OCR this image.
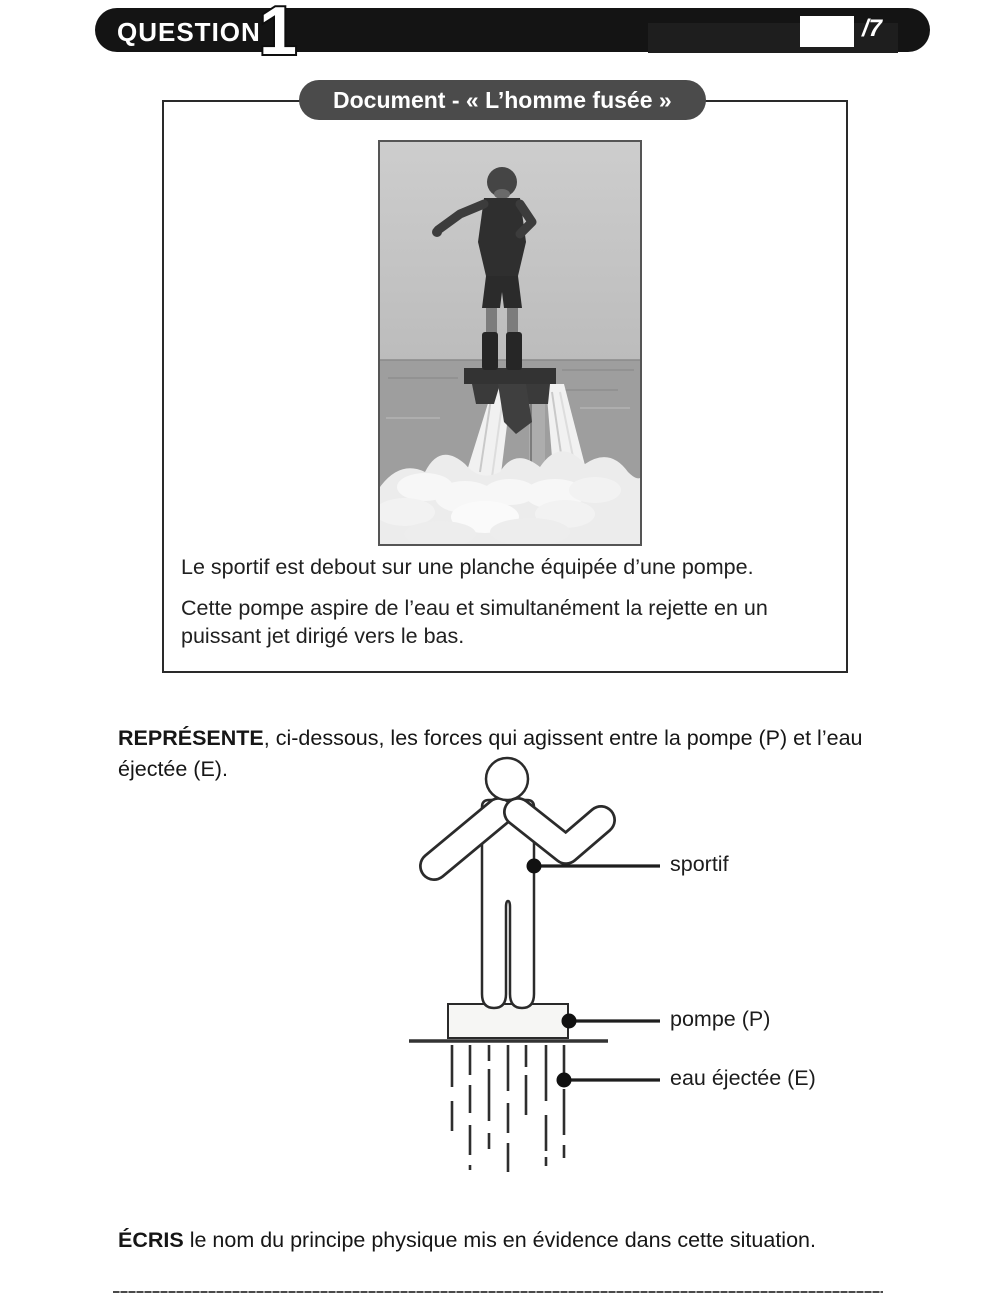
QUESTION
1	/7
Document - « L’homme fusée »

Le sportif est debout sur une planche équipée d’une pompe.

Cette pompe aspire de l’eau et simultanément la rejette en un puissant jet dirigé vers le bas.

REPRÉSENTE, ci-dessous, les forces qui agissent entre la pompe (P) et l’eau éjectée (E).

sportif
pompe (P)
eau éjectée (E)

ÉCRIS le nom du principe physique mis en évidence dans cette situation.
